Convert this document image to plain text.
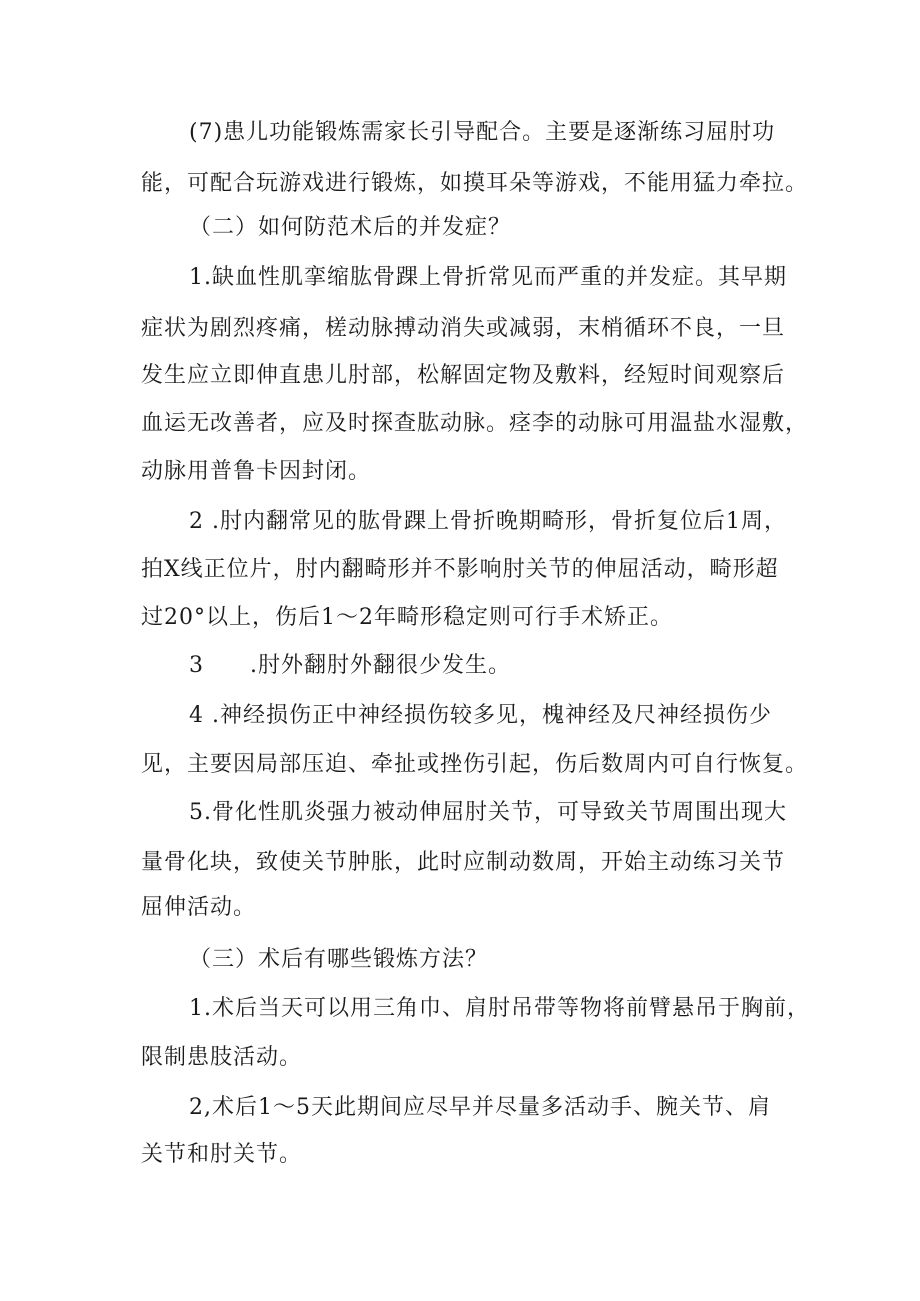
(7)患儿功能锻炼需家长引导配合。主要是逐渐练习屈肘功
能，可配合玩游戏进行锻炼，如摸耳朵等游戏，不能用猛力牵拉。
（二）如何防范术后的并发症？
1.缺血性肌挛缩肱骨踝上骨折常见而严重的并发症。其早期
症状为剧烈疼痛，槎动脉搏动消失或减弱，末梢循环不良，一旦
发生应立即伸直患儿肘部，松解固定物及敷料，经短时间观察后
血运无改善者，应及时探查肱动脉。痉李的动脉可用温盐水湿敷，
动脉用普鲁卡因封闭。
2 .肘内翻常见的肱骨踝上骨折晚期畸形，骨折复位后1周，
拍X线正位片，肘内翻畸形并不影响肘关节的伸屈活动，畸形超
过20°以上，伤后1～2年畸形稳定则可行手术矫正。
3　　.肘外翻肘外翻很少发生。
4 .神经损伤正中神经损伤较多见，槐神经及尺神经损伤少
见，主要因局部压迫、牵扯或挫伤引起，伤后数周内可自行恢复。
5.骨化性肌炎强力被动伸屈肘关节，可导致关节周围出现大
量骨化块，致使关节肿胀，此时应制动数周，开始主动练习关节
屈伸活动。
（三）术后有哪些锻炼方法？
1.术后当天可以用三角巾、肩肘吊带等物将前臂悬吊于胸前，
限制患肢活动。
2,术后1～5天此期间应尽早并尽量多活动手、腕关节、肩
关节和肘关节。
